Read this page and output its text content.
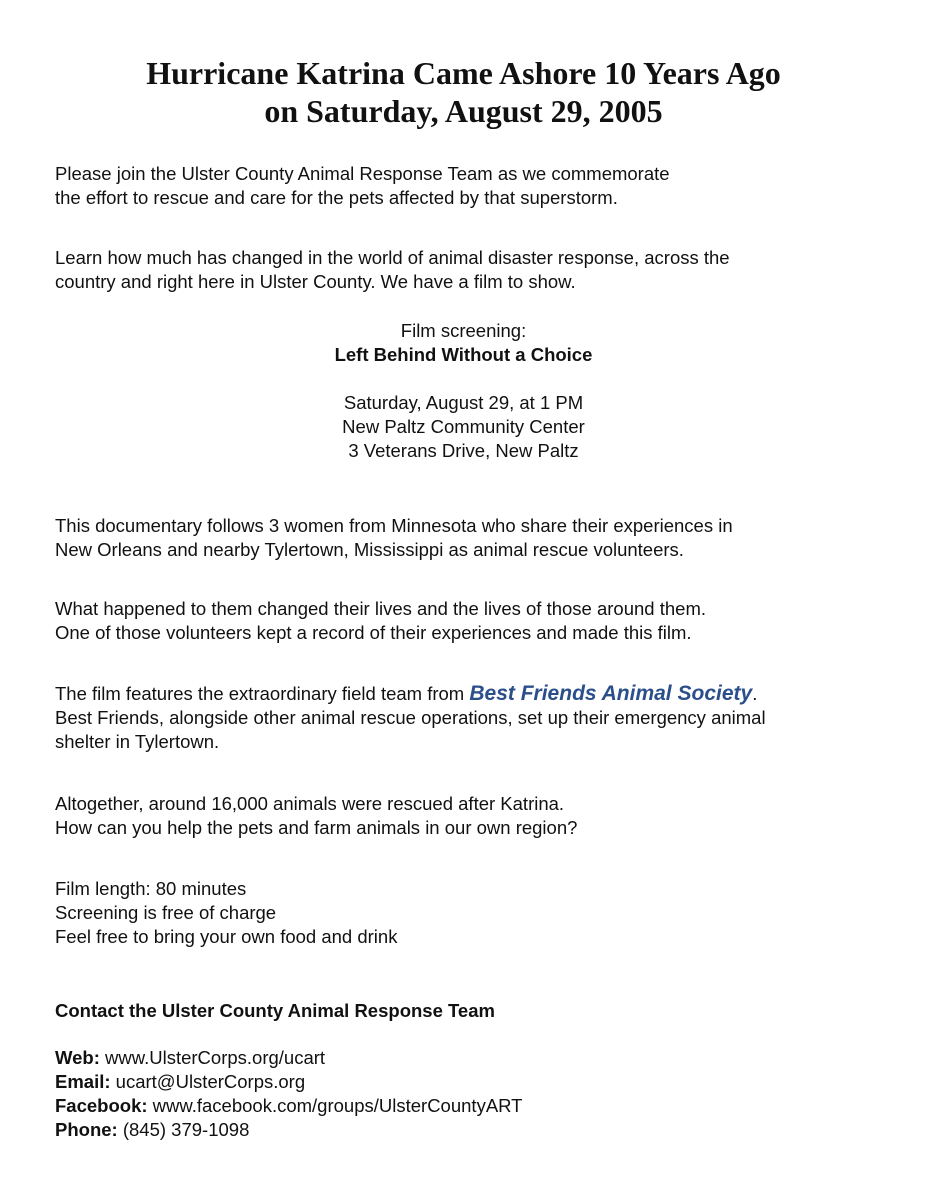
Hurricane Katrina Came Ashore 10 Years Ago
on Saturday, August 29, 2005

Please join the Ulster County Animal Response Team as we commemorate
the effort to rescue and care for the pets affected by that superstorm.

Learn how much has changed in the world of animal disaster response, across the
country and right here in Ulster County. We have a film to show.

Film screening:
Left Behind Without a Choice
Saturday, August 29, at 1 PM
New Paltz Community Center
3 Veterans Drive, New Paltz

This documentary follows 3 women from Minnesota who share their experiences in
New Orleans and nearby Tylertown, Mississippi as animal rescue volunteers.

What happened to them changed their lives and the lives of those around them.
One of those volunteers kept a record of their experiences and made this film.

The film features the extraordinary field team from Best Friends Animal Society.
Best Friends, alongside other animal rescue operations, set up their emergency animal
shelter in Tylertown.

Altogether, around 16,000 animals were rescued after Katrina.
How can you help the pets and farm animals in our own region?

Film length: 80 minutes
Screening is free of charge
Feel free to bring your own food and drink

Contact the Ulster County Animal Response Team

Web: www.UlsterCorps.org/ucart
Email: ucart@UlsterCorps.org
Facebook: www.facebook.com/groups/UlsterCountyART
Phone: (845) 379-1098
